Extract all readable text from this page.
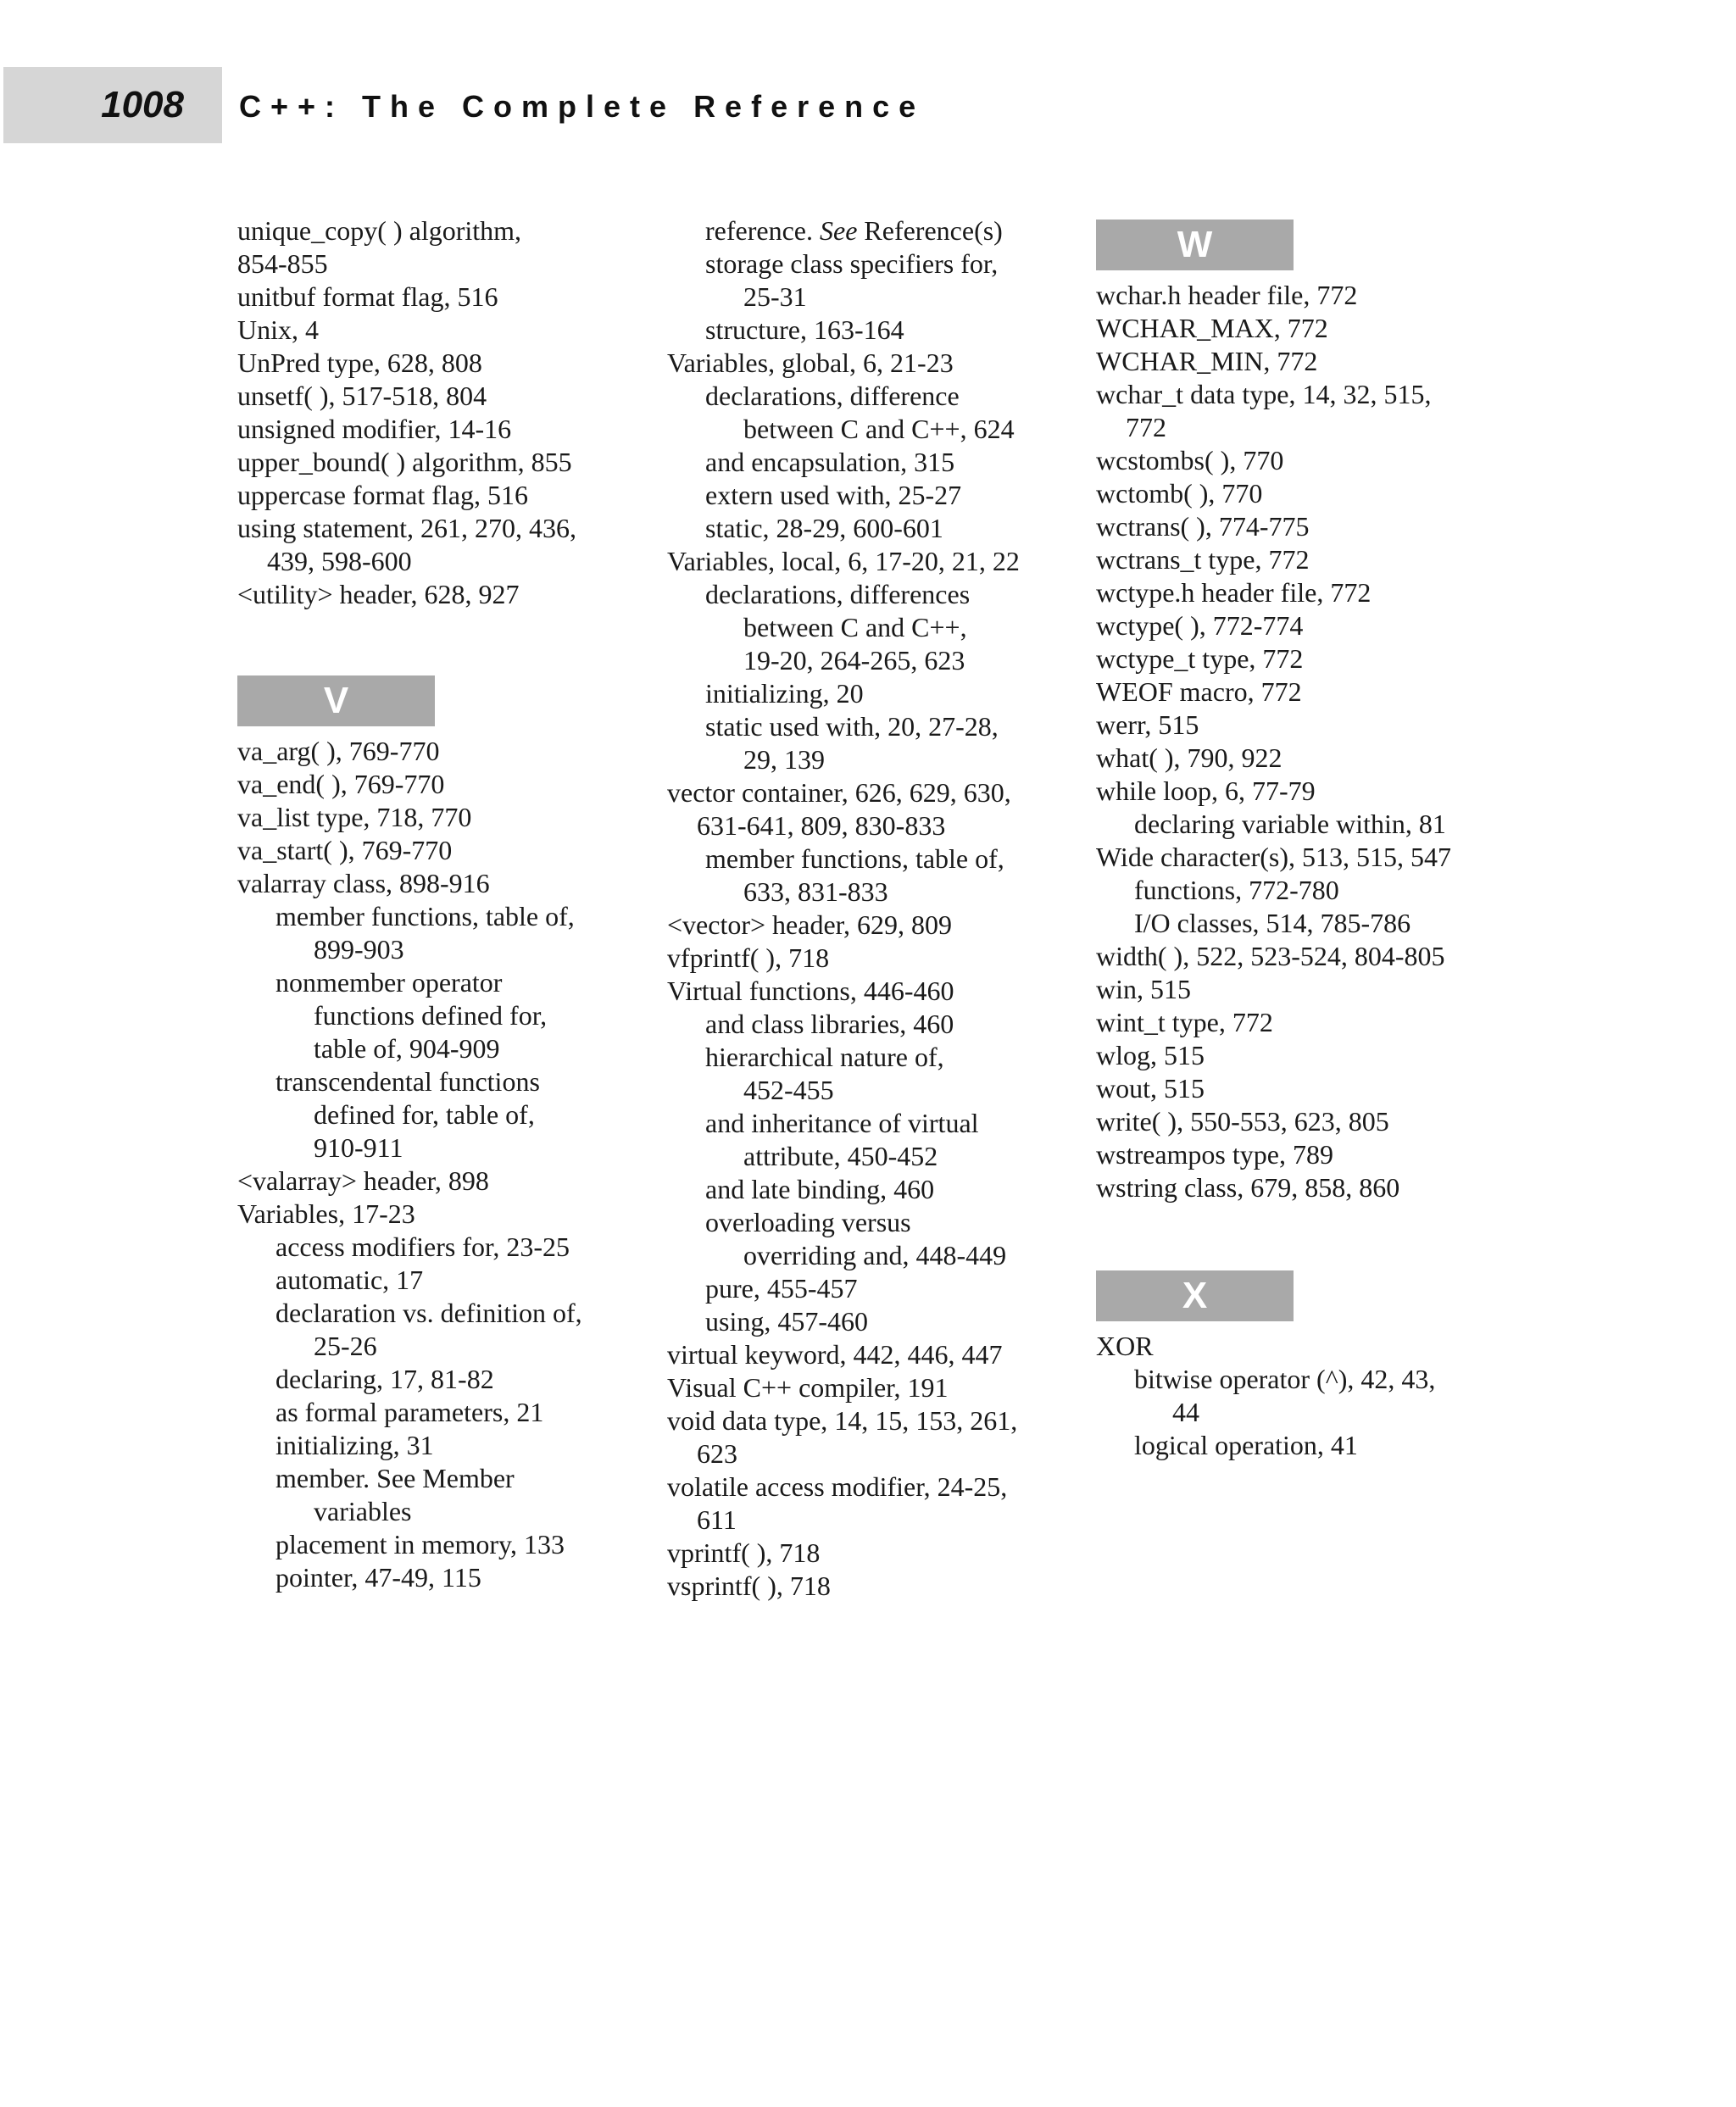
1008	C++: The Complete Reference
unique_copy( ) algorithm,
854-855
unitbuf format flag, 516
Unix, 4
UnPred type, 628, 808
unsetf( ), 517-518, 804
unsigned modifier, 14-16
upper_bound( ) algorithm, 855
uppercase format flag, 516
using statement, 261, 270, 436,
439, 598-600
<utility> header, 628, 927
V
va_arg( ), 769-770
va_end( ), 769-770
va_list type, 718, 770
va_start( ), 769-770
valarray class, 898-916
member functions, table of,
899-903
nonmember operator
functions defined for,
table of, 904-909
transcendental functions
defined for, table of,
910-911
<valarray> header, 898
Variables, 17-23
access modifiers for, 23-25
automatic, 17
declaration vs. definition of,
25-26
declaring, 17, 81-82
as formal parameters, 21
initializing, 31
member. See Member
variables
placement in memory, 133
pointer, 47-49, 115
reference. See Reference(s)
storage class specifiers for,
25-31
structure, 163-164
Variables, global, 6, 21-23
declarations, difference
between C and C++, 624
and encapsulation, 315
extern used with, 25-27
static, 28-29, 600-601
Variables, local, 6, 17-20, 21, 22
declarations, differences
between C and C++,
19-20, 264-265, 623
initializing, 20
static used with, 20, 27-28,
29, 139
vector container, 626, 629, 630,
631-641, 809, 830-833
member functions, table of,
633, 831-833
<vector> header, 629, 809
vfprintf( ), 718
Virtual functions, 446-460
and class libraries, 460
hierarchical nature of,
452-455
and inheritance of virtual
attribute, 450-452
and late binding, 460
overloading versus
overriding and, 448-449
pure, 455-457
using, 457-460
virtual keyword, 442, 446, 447
Visual C++ compiler, 191
void data type, 14, 15, 153, 261,
623
volatile access modifier, 24-25,
611
vprintf( ), 718
vsprintf( ), 718
W
wchar.h header file, 772
WCHAR_MAX, 772
WCHAR_MIN, 772
wchar_t data type, 14, 32, 515,
772
wcstombs( ), 770
wctomb( ), 770
wctrans( ), 774-775
wctrans_t type, 772
wctype.h header file, 772
wctype( ), 772-774
wctype_t type, 772
WEOF macro, 772
werr, 515
what( ), 790, 922
while loop, 6, 77-79
declaring variable within, 81
Wide character(s), 513, 515, 547
functions, 772-780
I/O classes, 514, 785-786
width( ), 522, 523-524, 804-805
win, 515
wint_t type, 772
wlog, 515
wout, 515
write( ), 550-553, 623, 805
wstreampos type, 789
wstring class, 679, 858, 860
X
XOR
bitwise operator (^), 42, 43,
44
logical operation, 41
